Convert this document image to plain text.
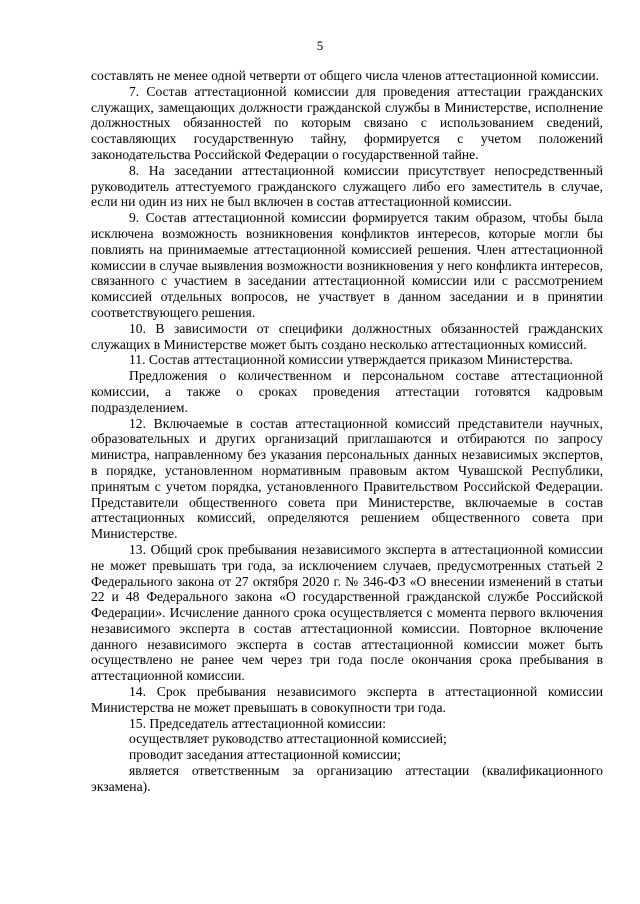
5

составлять не менее одной четверти от общего числа членов аттестационной комиссии.

7. Состав аттестационной комиссии для проведения аттестации гражданских служащих, замещающих должности гражданской службы в Министерстве, исполнение должностных обязанностей по которым связано с использованием сведений, составляющих государственную тайну, формируется с учетом положений законодательства Российской Федерации о государственной тайне.

8. На заседании аттестационной комиссии присутствует непосредственный руководитель аттестуемого гражданского служащего либо его заместитель в случае, если ни один из них не был включен в состав аттестационной комиссии.

9. Состав аттестационной комиссии формируется таким образом, чтобы была исключена возможность возникновения конфликтов интересов, которые могли бы повлиять на принимаемые аттестационной комиссией решения. Член аттестационной комиссии в случае выявления возможности возникновения у него конфликта интересов, связанного с участием в заседании аттестационной комиссии или с рассмотрением комиссией отдельных вопросов, не участвует в данном заседании и в принятии соответствующего решения.

10. В зависимости от специфики должностных обязанностей гражданских служащих в Министерстве может быть создано несколько аттестационных комиссий.

11. Состав аттестационной комиссии утверждается приказом Министерства.

Предложения о количественном и персональном составе аттестационной комиссии, а также о сроках проведения аттестации готовятся кадровым подразделением.

12. Включаемые в состав аттестационной комиссий представители научных, образовательных и других организаций приглашаются и отбираются по запросу министра, направленному без указания персональных данных независимых экспертов, в порядке, установленном нормативным правовым актом Чувашской Республики, принятым с учетом порядка, установленного Правительством Российской Федерации. Представители общественного совета при Министерстве, включаемые в состав аттестационных комиссий, определяются решением общественного совета при Министерстве.

13. Общий срок пребывания независимого эксперта в аттестационной комиссии не может превышать три года, за исключением случаев, предусмотренных статьей 2 Федерального закона от 27 октября 2020 г. № 346-ФЗ «О внесении изменений в статьи 22 и 48 Федерального закона «О государственной гражданской службе Российской Федерации». Исчисление данного срока осуществляется с момента первого включения независимого эксперта в состав аттестационной комиссии. Повторное включение данного независимого эксперта в состав аттестационной комиссии может быть осуществлено не ранее чем через три года после окончания срока пребывания в аттестационной комиссии.

14. Срок пребывания независимого эксперта в аттестационной комиссии Министерства не может превышать в совокупности три года.

15. Председатель аттестационной комиссии:

осуществляет руководство аттестационной комиссией;

проводит заседания аттестационной комиссии;

является ответственным за организацию аттестации (квалификационного экзамена).
